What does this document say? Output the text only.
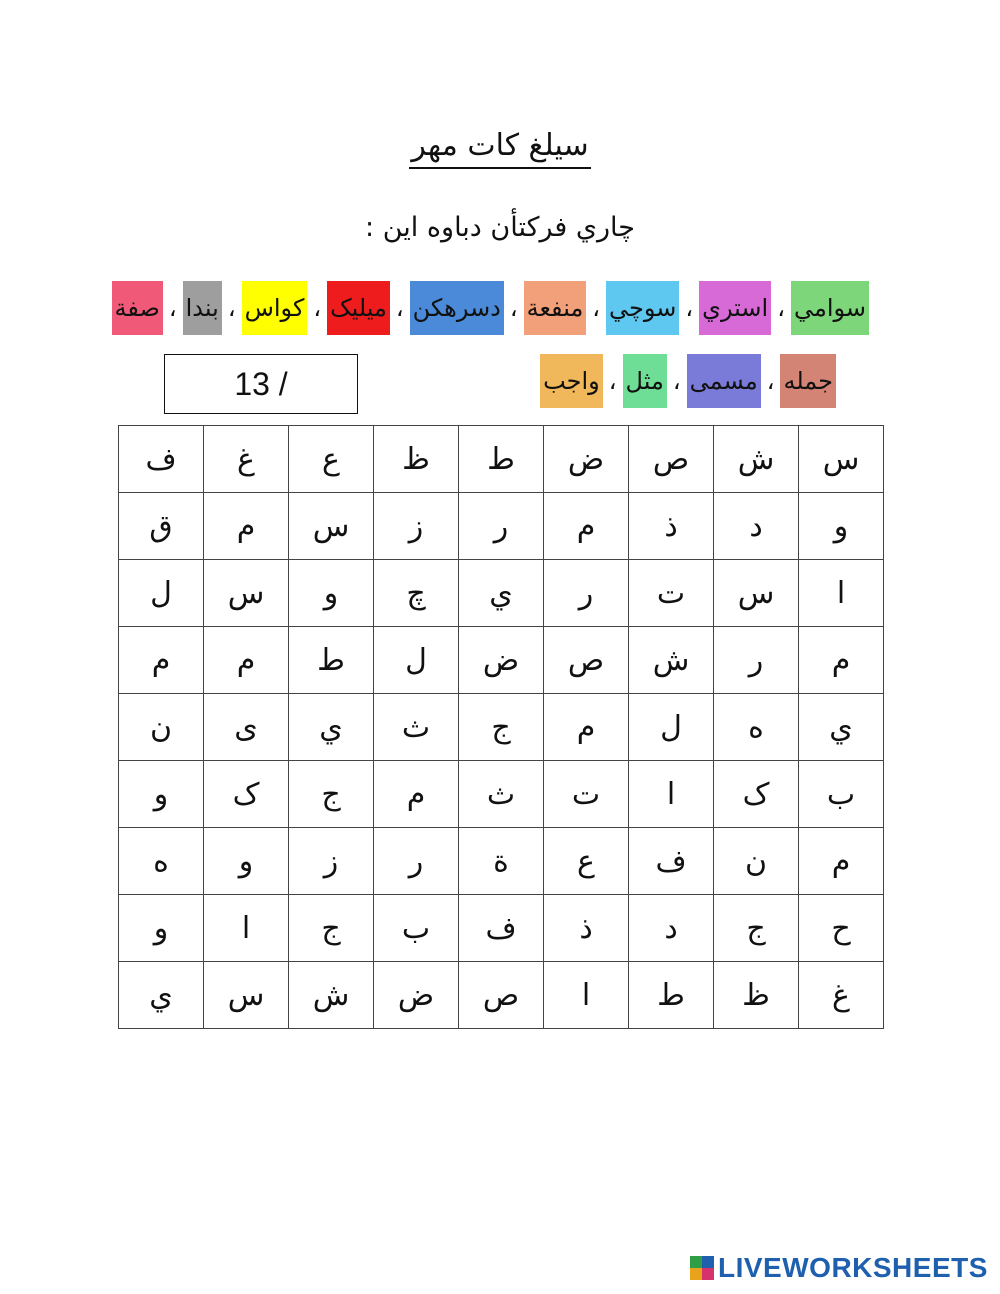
سيلغ كات مهر
چاري فركتأن دباوه اين :
سوامي
،
استري
،
سوچي
،
منفعة
،
دسرهكن
،
ميليک
،
کواس
،
بندا
،
صفة
جمله
،
مسمى
،
مثل
،
واجب
13 /
ف	غ	ع	ظ	ط	ض	ص	ش	س
ق	م	س	ز	ر	م	ذ	د	و
ل	س	و	چ	ي	ر	ت	س	ا
م	م	ط	ل	ض	ص	ش	ر	م
ن	ى	ي	ث	ج	م	ل	ه	ي
و	ک	ج	م	ث	ت	ا	ک	ب
ه	و	ز	ر	ة	ع	ف	ن	م
و	ا	ج	ب	ف	ذ	د	ج	ح
ي	س	ش	ض	ص	ا	ط	ظ	غ
LIVEWORKSHEETS
